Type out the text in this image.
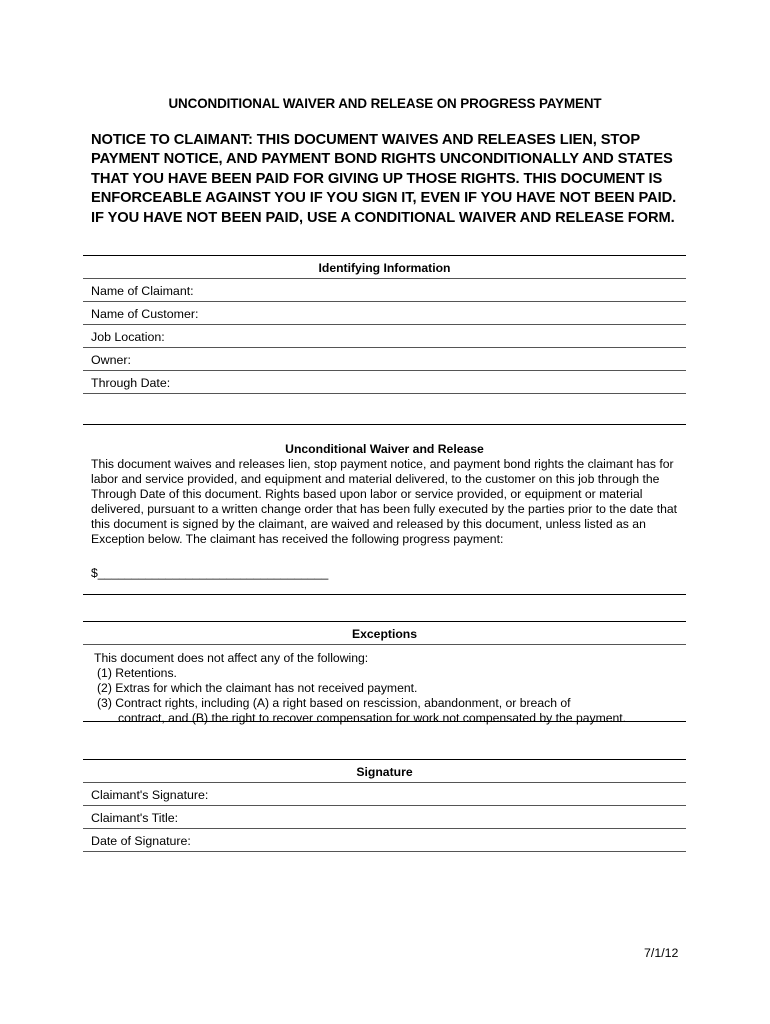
UNCONDITIONAL WAIVER AND RELEASE ON PROGRESS PAYMENT
NOTICE TO CLAIMANT: THIS DOCUMENT WAIVES AND RELEASES LIEN, STOP PAYMENT NOTICE, AND PAYMENT BOND RIGHTS UNCONDITIONALLY AND STATES THAT YOU HAVE BEEN PAID FOR GIVING UP THOSE RIGHTS. THIS DOCUMENT IS ENFORCEABLE AGAINST YOU IF YOU SIGN IT, EVEN IF YOU HAVE NOT BEEN PAID. IF YOU HAVE NOT BEEN PAID, USE A CONDITIONAL WAIVER AND RELEASE FORM.
Identifying Information
Name of Claimant:
Name of Customer:
Job Location:
Owner:
Through Date:
Unconditional Waiver and Release
This document waives and releases lien, stop payment notice, and payment bond rights the claimant has for labor and service provided, and equipment and material delivered, to the customer on this job through the Through Date of this document. Rights based upon labor or service provided, or equipment or material delivered, pursuant to a written change order that has been fully executed by the parties prior to the date that this document is signed by the claimant, are waived and released by this document, unless listed as an Exception below. The claimant has received the following progress payment:
$__________________________________
Exceptions
This document does not affect any of the following:
(1) Retentions.
(2) Extras for which the claimant has not received payment.
(3) Contract rights, including (A) a right based on rescission, abandonment, or breach of
contract, and (B) the right to recover compensation for work not compensated by the payment.
Signature
Claimant's Signature:
Claimant's Title:
Date of Signature:
7/1/12
